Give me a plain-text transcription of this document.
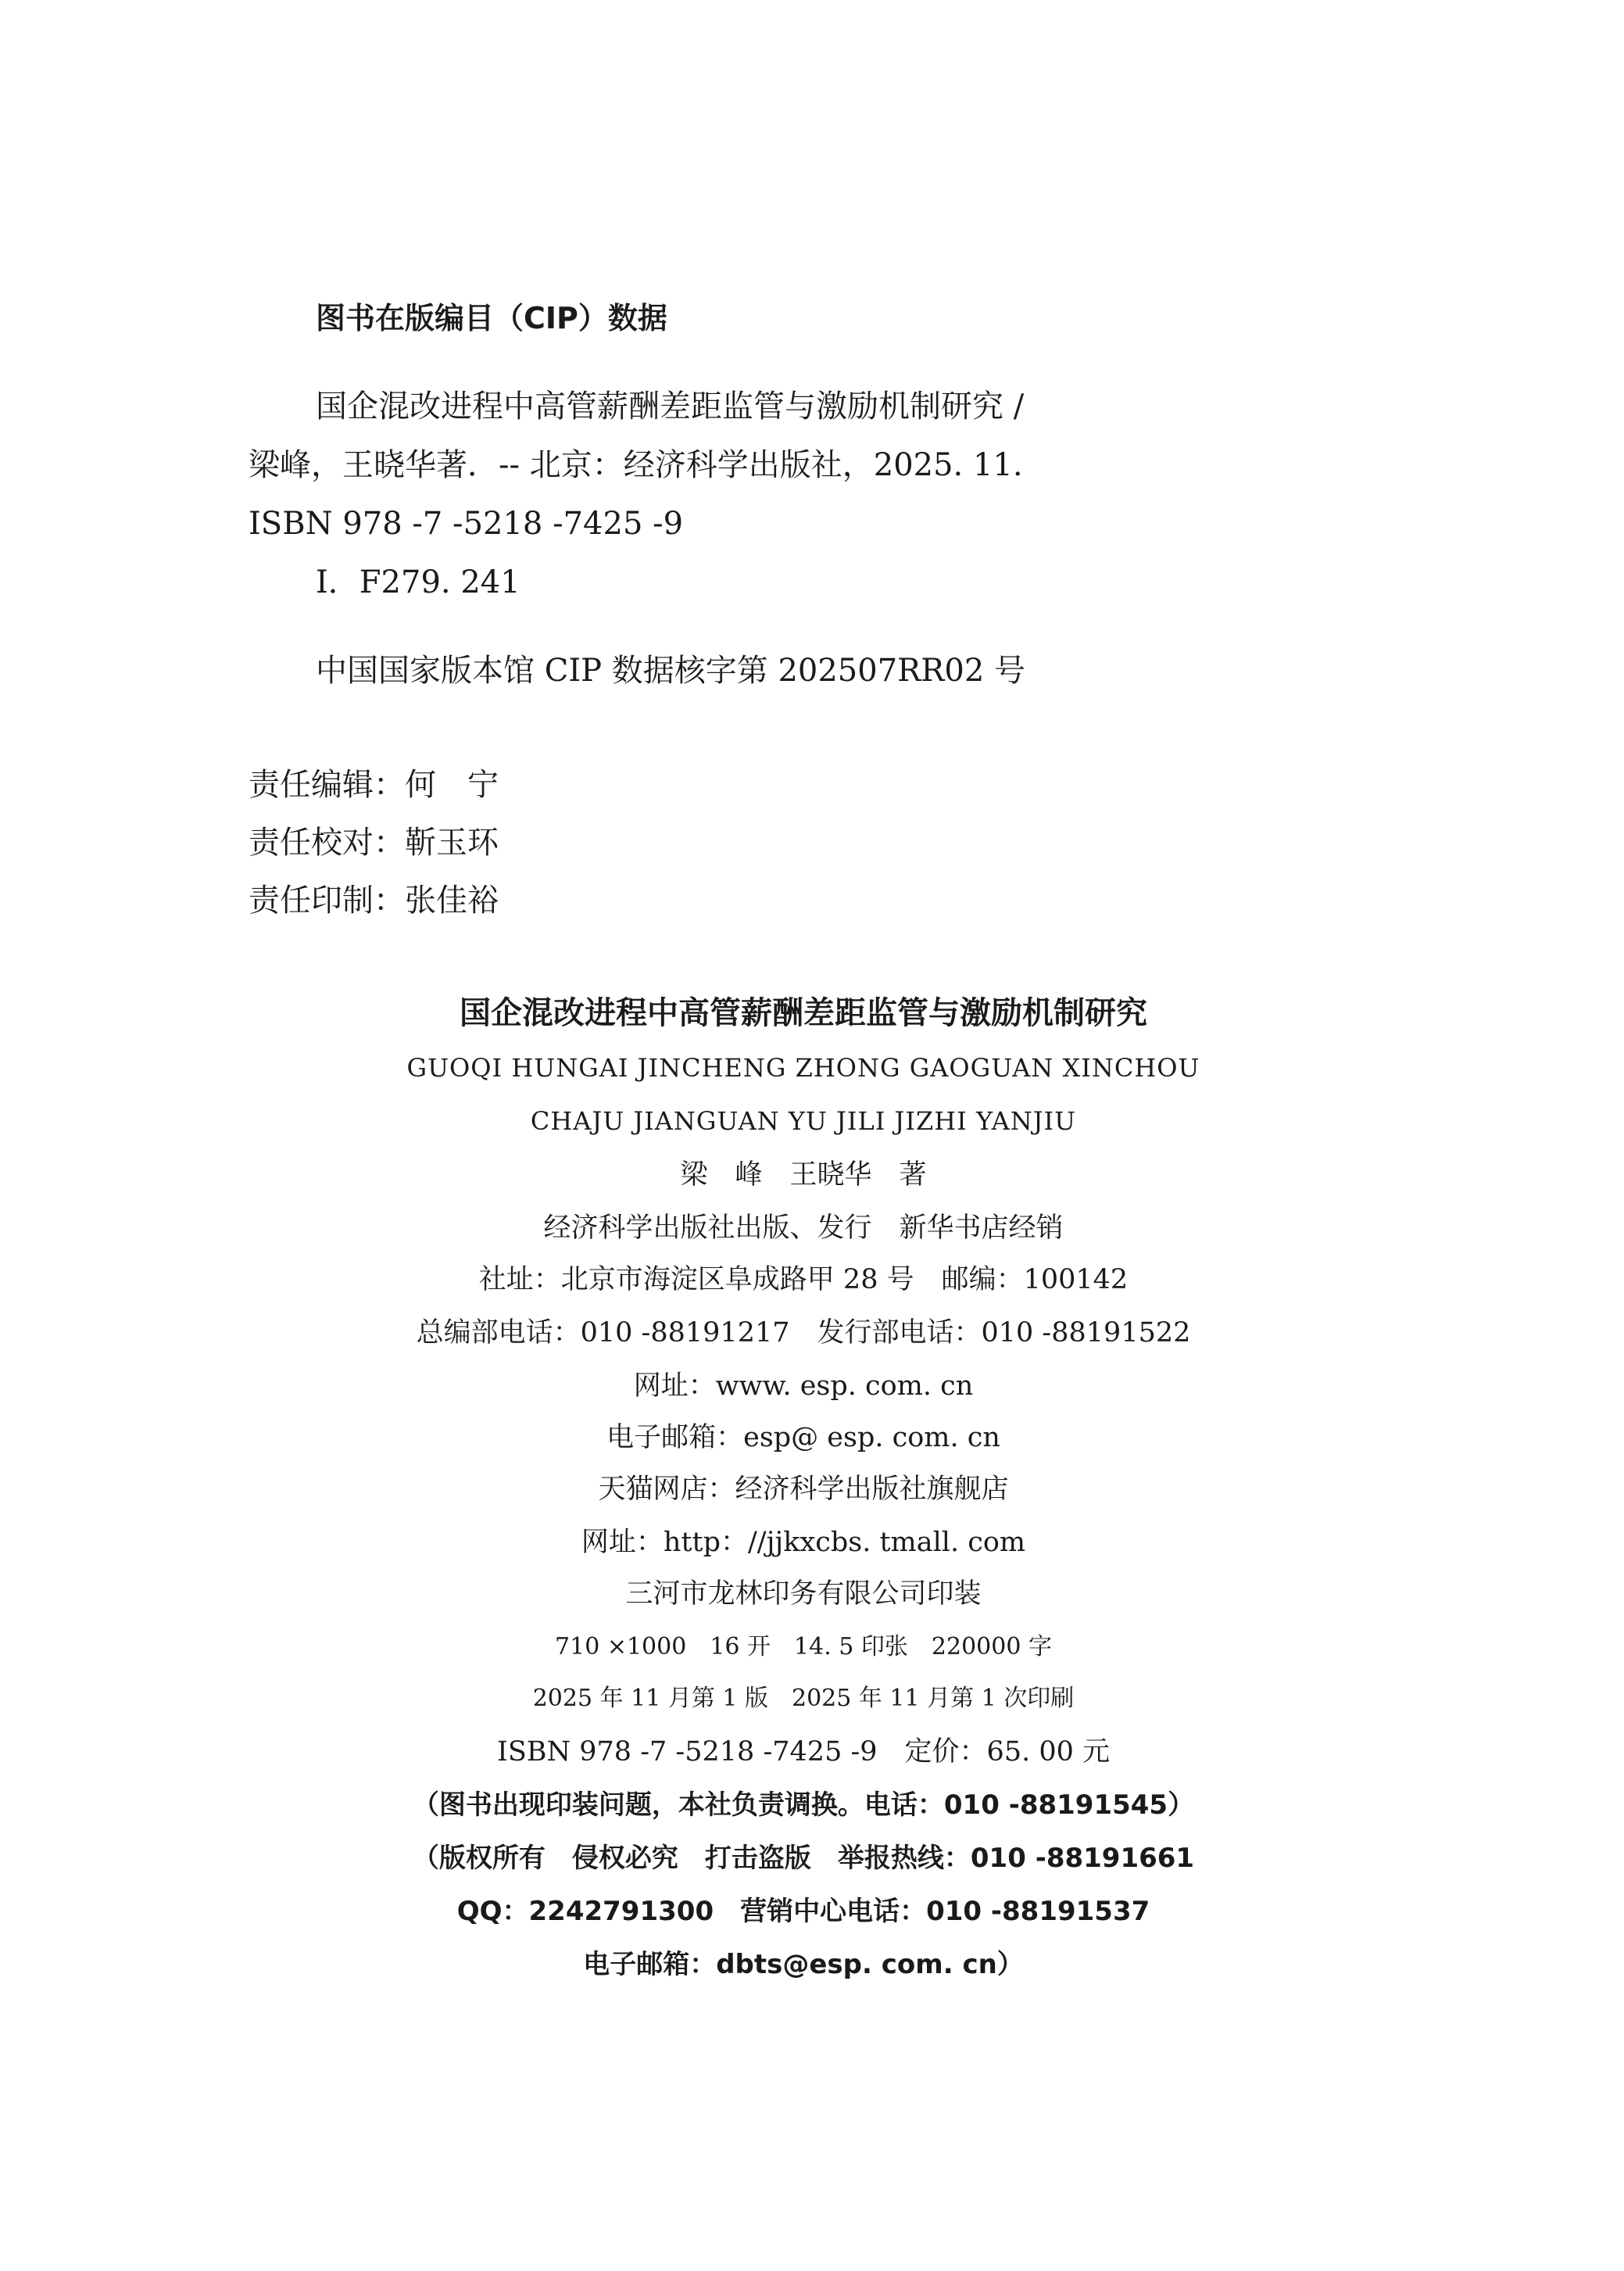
图书在版编目（CIP）数据
国企混改进程中高管薪酬差距监管与激励机制研究 /
梁峰，王晓华著．-- 北京：经济科学出版社，2025. 11.
ISBN 978 -7 -5218 -7425 -9
Ⅰ．F279. 241
中国国家版本馆 CIP 数据核字第 202507RR02 号
责任编辑：何　宁
责任校对：靳玉环
责任印制：张佳裕
国企混改进程中高管薪酬差距监管与激励机制研究
GUOQI HUNGAI JINCHENG ZHONG GAOGUAN XINCHOU
CHAJU JIANGUAN YU JILI JIZHI YANJIU
梁　峰　王晓华　著
经济科学出版社出版、发行　新华书店经销
社址：北京市海淀区阜成路甲 28 号　邮编：100142
总编部电话：010 -88191217　发行部电话：010 -88191522
网址：www. esp. com. cn
电子邮箱：esp@ esp. com. cn
天猫网店：经济科学出版社旗舰店
网址：http：//jjkxcbs. tmall. com
三河市龙林印务有限公司印装
710 ×1000　16 开　14. 5 印张　220000 字
2025 年 11 月第 1 版　2025 年 11 月第 1 次印刷
ISBN 978 -7 -5218 -7425 -9　定价：65. 00 元
（图书出现印装问题，本社负责调换。电话：010 -88191545）
（版权所有　侵权必究　打击盗版　举报热线：010 -88191661
QQ：2242791300　营销中心电话：010 -88191537
电子邮箱：dbts@esp. com. cn）
